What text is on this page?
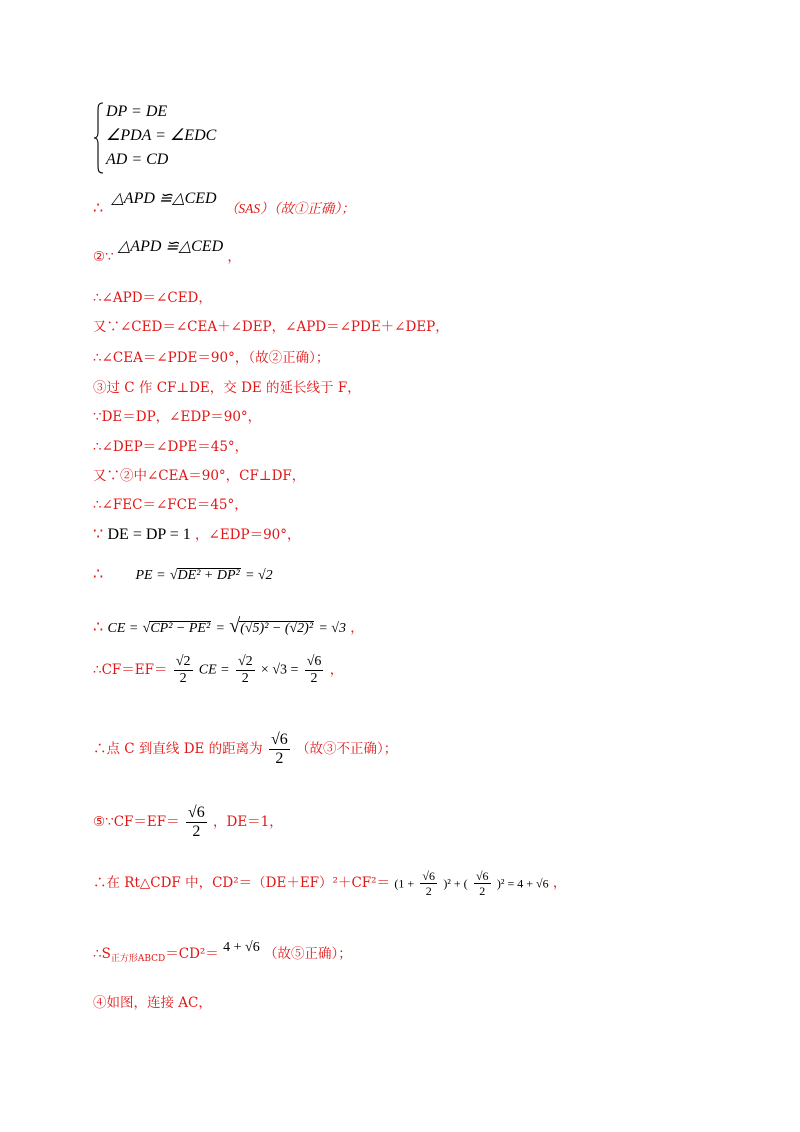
DP = DE
∠PDA = ∠EDC
AD = CD
∴ △APD ≌△CED （SAS）（故①正确）；
②∵ △APD ≌△CED ，
∴∠APD＝∠CED，
又∵∠CED＝∠CEA＋∠DEP，∠APD＝∠PDE＋∠DEP，
∴∠CEA＝∠PDE＝90°，（故②正确）；
③过 C 作 CF⊥DE，交 DE 的延长线于 F，
∵DE＝DP，∠EDP＝90°，
∴∠DEP＝∠DPE＝45°，
又∵②中∠CEA＝90°，CF⊥DF，
∴∠FEC＝∠FCE＝45°，
∵ DE = DP = 1 ，∠EDP＝90°，
∴ PE = √DE² + DP² = √2
∴ CE = √CP² − PE² = √(√5)² − (√2)² = √3 ，
∴CF＝EF＝ $\frac{√2}{2}$ CE = $\frac{√2}{2} \times √3 = \frac{√6}{2}$ ，
∴点 C 到直线 DE 的距离为 $\frac{√6}{2}$ （故③不正确）；
⑤∵CF＝EF＝ $\frac{√6}{2}$ ，DE＝1，
∴在 Rt△CDF 中，$CD^2=(DE+EF)^2+CF^2= (1 + \frac{√6}{2} )^2$ + ( $\frac{√6}{2} )^2 = 4 + √6$ ，
$\therefore S_{正方形ABCD}=CD^2= 4 + √6$ （故⑤正确）；
④如图，连接 AC，
